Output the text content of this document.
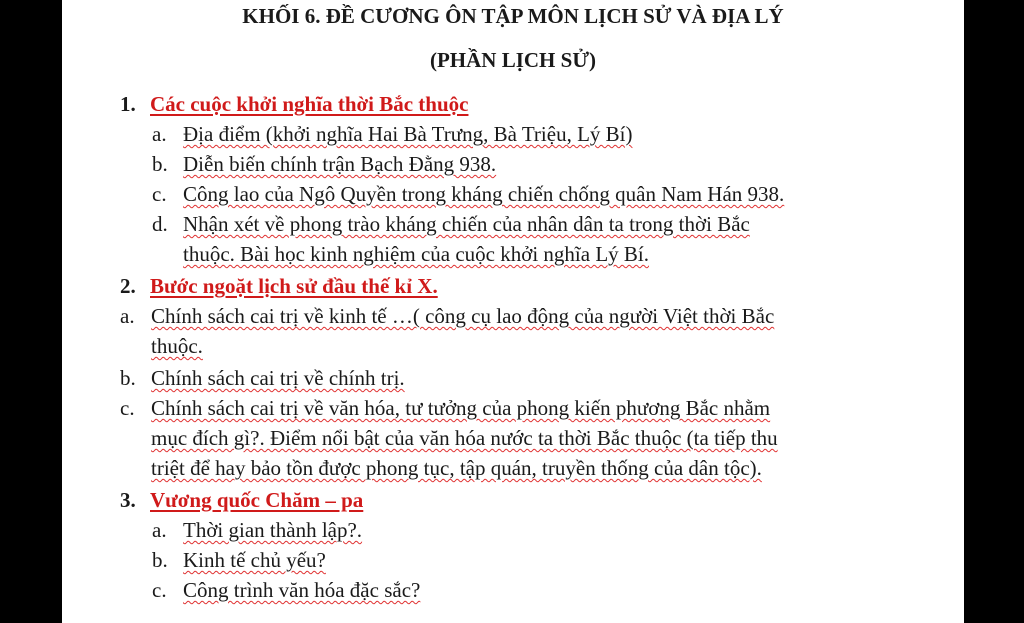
KHỐI 6. ĐỀ CƯƠNG ÔN TẬP MÔN LỊCH SỬ VÀ ĐỊA LÝ
(PHẦN LỊCH SỬ)
1. Các cuộc khởi nghĩa thời Bắc thuộc
a. Địa điểm (khởi nghĩa Hai Bà Trưng, Bà Triệu, Lý Bí)
b. Diễn biến chính trận Bạch Đằng 938.
c. Công lao của Ngô Quyền trong kháng chiến chống quân Nam Hán 938.
d. Nhận xét về phong trào kháng chiến của nhân dân ta trong thời Bắc
thuộc. Bài học kinh nghiệm của cuộc khởi nghĩa Lý Bí.
2. Bước ngoặt lịch sử đầu thế kỉ X.
a. Chính sách cai trị về kinh tế …( công cụ lao động của người Việt thời Bắc
thuộc.
b. Chính sách cai trị về chính trị.
c. Chính sách cai trị về văn hóa, tư tưởng của phong kiến phương Bắc nhằm
mục đích gì?. Điểm nổi bật của văn hóa nước ta thời Bắc thuộc (ta tiếp thu
triệt để hay bảo tồn được phong tục, tập quán, truyền thống của dân tộc).
3. Vương quốc Chăm – pa
a. Thời gian thành lập?.
b. Kinh tế chủ yếu?
c. Công trình văn hóa đặc sắc?
